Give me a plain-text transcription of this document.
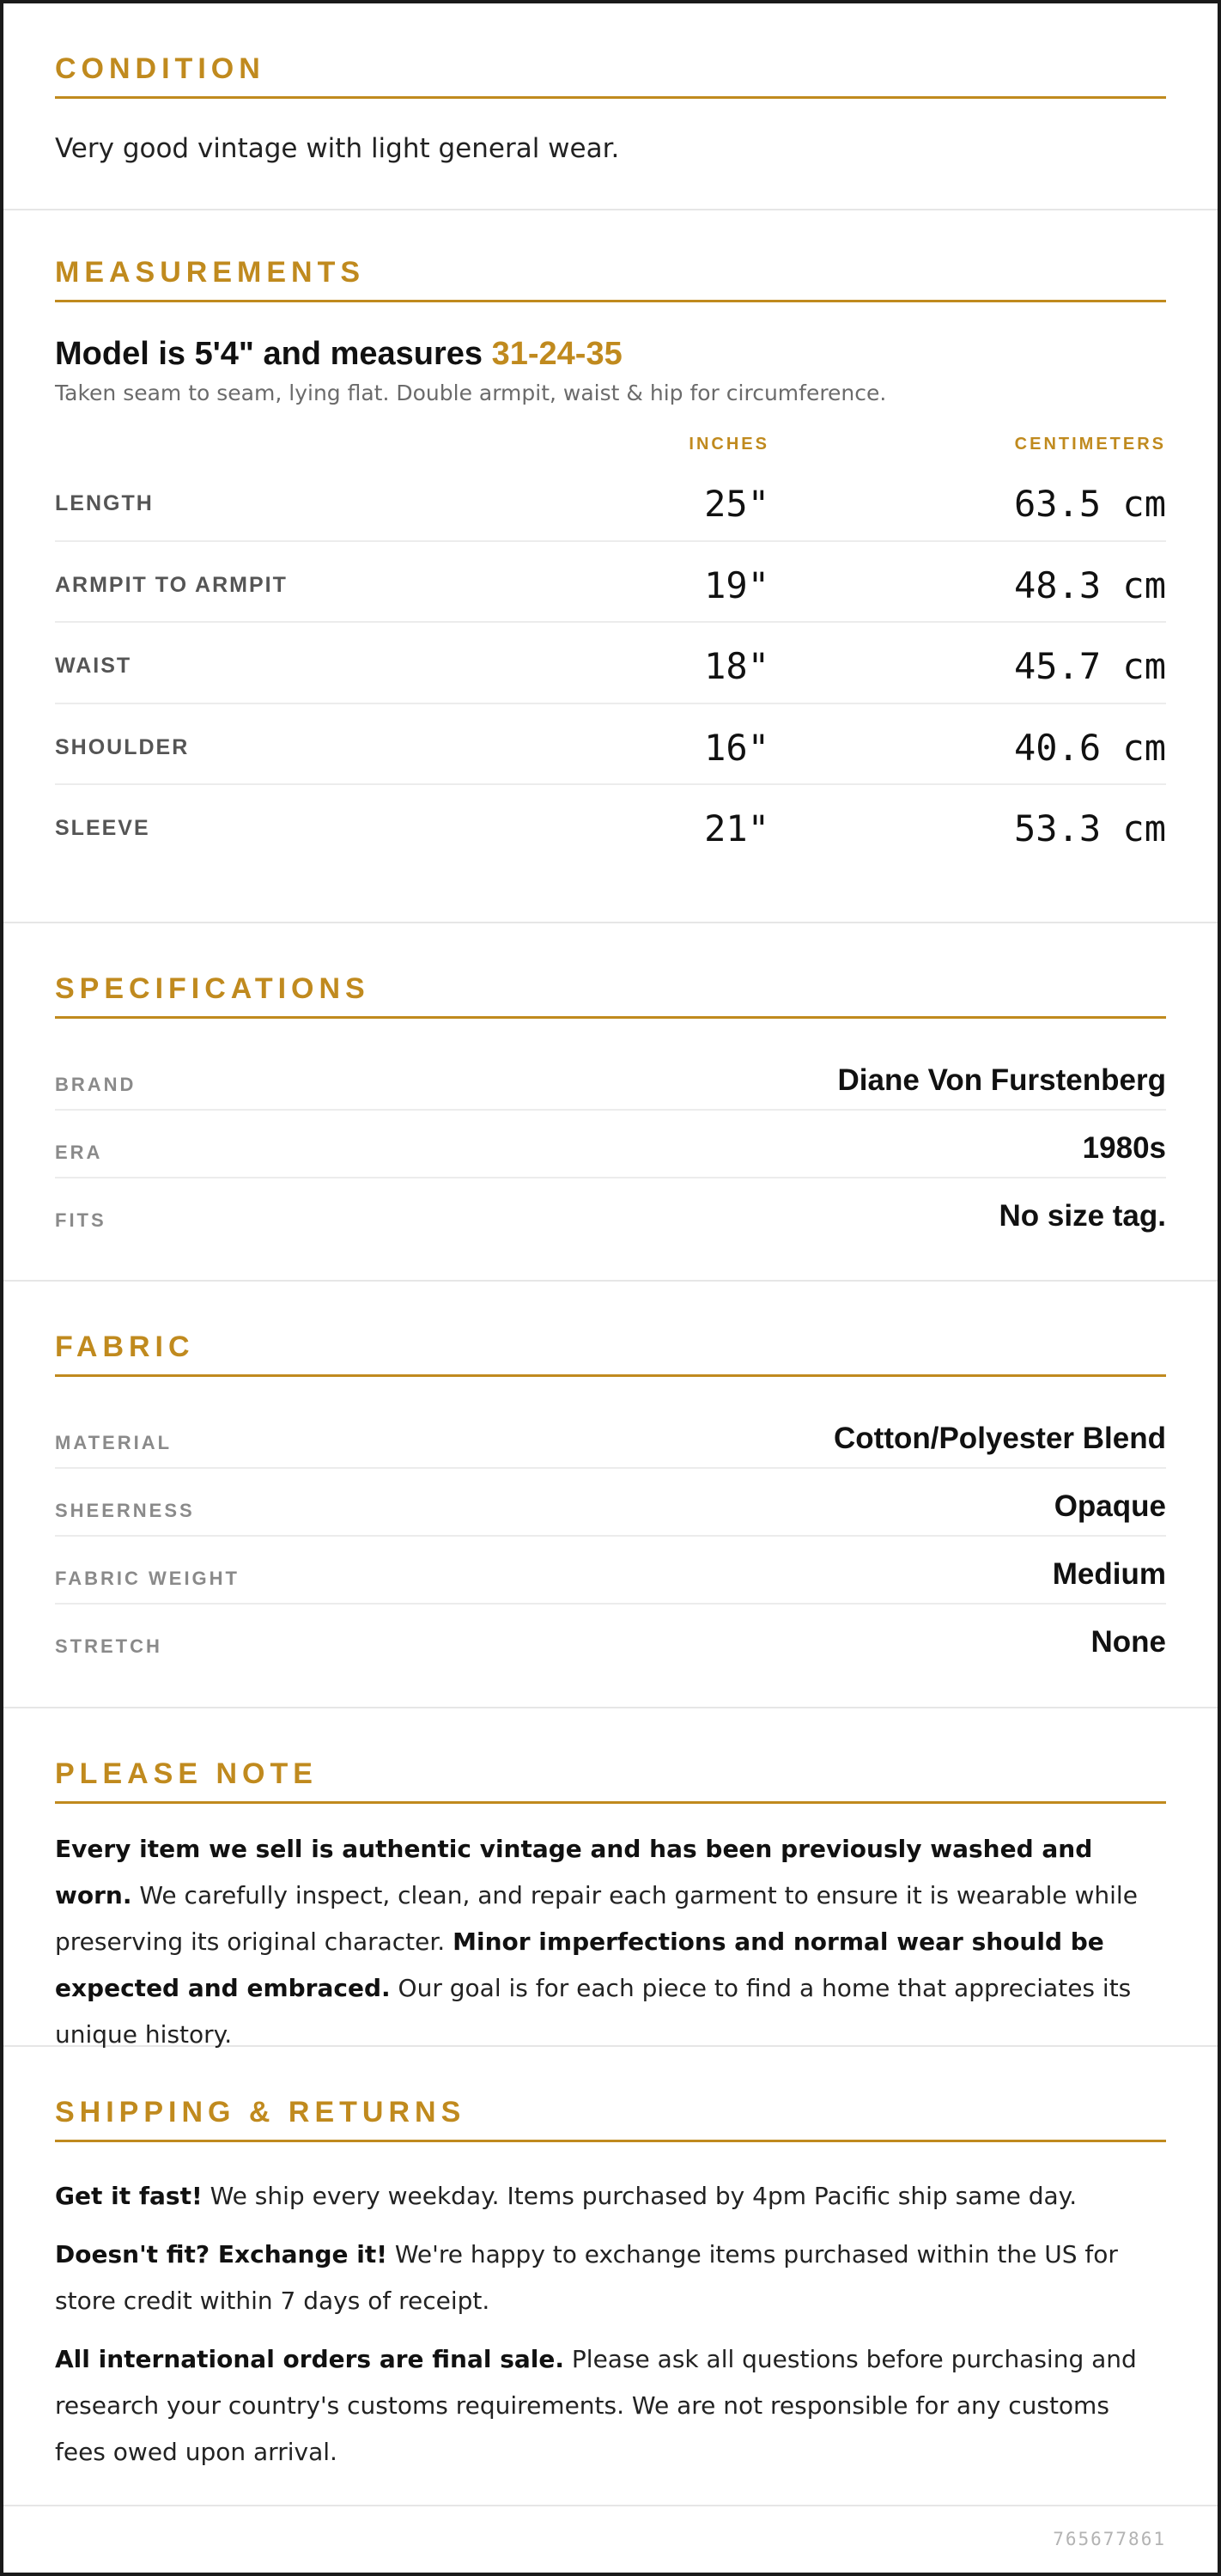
CONDITION

Very good vintage with light general wear.

MEASUREMENTS
Model is 5'4" and measures 31-24-35

Taken seam to seam, lying flat. Double armpit, waist & hip for circumference.

INCHES	CENTIMETERS
LENGTH	25"	63.5 cm
ARMPIT TO ARMPIT	19"	48.3 cm
WAIST	18"	45.7 cm
SHOULDER	16"	40.6 cm
SLEEVE	21"	53.3 cm
SPECIFICATIONS
BRAND	Diane Von Furstenberg
ERA	1980s
FITS	No size tag.
FABRIC
MATERIAL	Cotton/Polyester Blend
SHEERNESS	Opaque
FABRIC WEIGHT	Medium
STRETCH	None
PLEASE NOTE

Every item we sell is authentic vintage and has been previously washed and worn. We carefully inspect, clean, and repair each garment to ensure it is wearable while preserving its original character. Minor imperfections and normal wear should be expected and embraced. Our goal is for each piece to find a home that appreciates its unique history.

SHIPPING & RETURNS

Get it fast! We ship every weekday. Items purchased by 4pm Pacific ship same day.

Doesn't fit? Exchange it! We're happy to exchange items purchased within the US for store credit within 7 days of receipt.

All international orders are final sale. Please ask all questions before purchasing and research your country's customs requirements. We are not responsible for any customs fees owed upon arrival.

765677861
